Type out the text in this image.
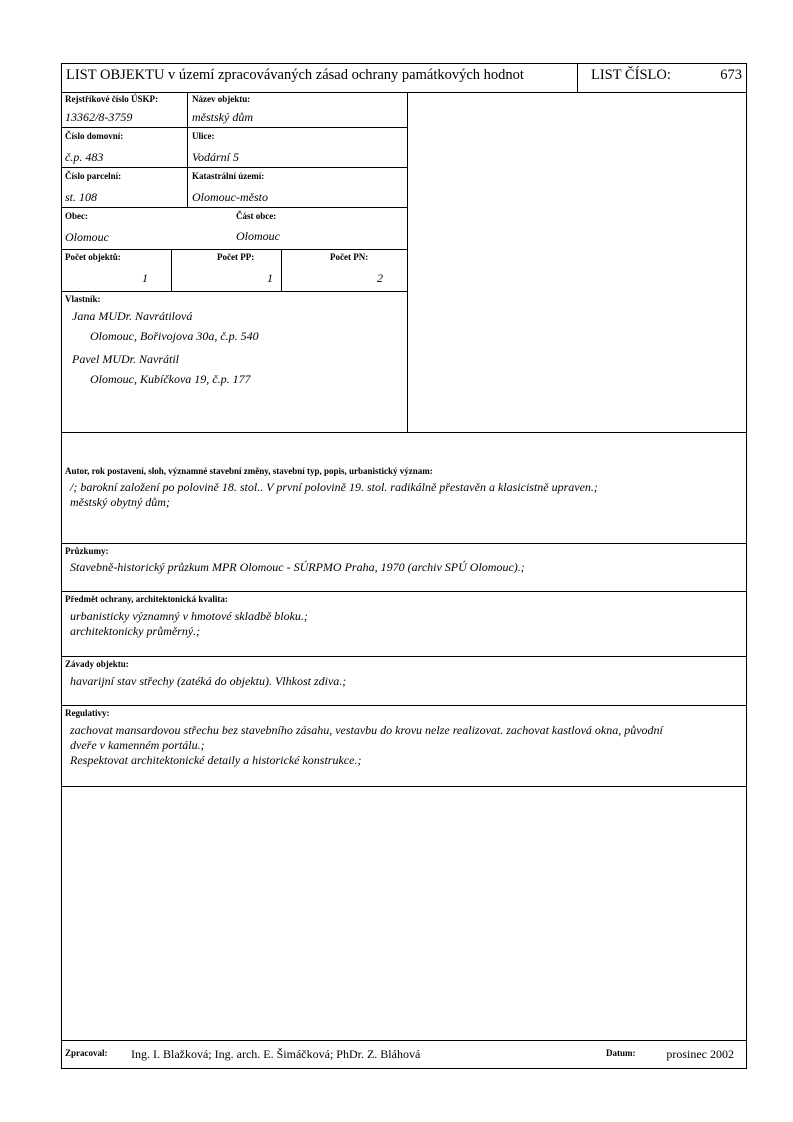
LIST OBJEKTU v území zpracovávaných zásad ochrany památkových hodnot	LIST ČÍSLO:	673
Rejstříkové číslo ÚSKP:
13362/8-3759
Název objektu:
městský dům
Číslo domovní:
č.p. 483
Ulice:
Vodární 5
Číslo parcelní:
st. 108
Katastrální území:
Olomouc-město
Obec:
Olomouc
Část obce:
Olomouc
Počet objektů:
1
Počet PP:
1
Počet PN:
2
Vlastník:
Jana MUDr. Navrátilová
Olomouc, Bořivojova 30a, č.p. 540
Pavel MUDr. Navrátil
Olomouc, Kubíčkova 19, č.p. 177
Autor, rok postavení, sloh, významné stavební změny, stavební typ, popis, urbanistický význam:
/; barokní založení po polovině 18. stol.. V první polovině 19. stol. radikálně přestavěn a klasicistně upraven.;
městský obytný dům;
Průzkumy:
Stavebně-historický průzkum MPR Olomouc - SÚRPMO Praha, 1970 (archiv SPÚ Olomouc).;
Předmět ochrany, architektonická kvalita:
urbanisticky významný v hmotové skladbě bloku.;
architektonicky průměrný.;
Závady objektu:
havarijní stav střechy (zatéká do objektu). Vlhkost zdiva.;
Regulativy:
zachovat mansardovou střechu bez stavebního zásahu, vestavbu do krovu nelze realizovat. zachovat kastlová okna, původní
dveře v kamenném portálu.;
Respektovat architektonické detaily a historické konstrukce.;
Zpracoval: Ing. I. Blažková; Ing. arch. E. Šimáčková; PhDr. Z. Bláhová	Datum:	prosinec 2002
